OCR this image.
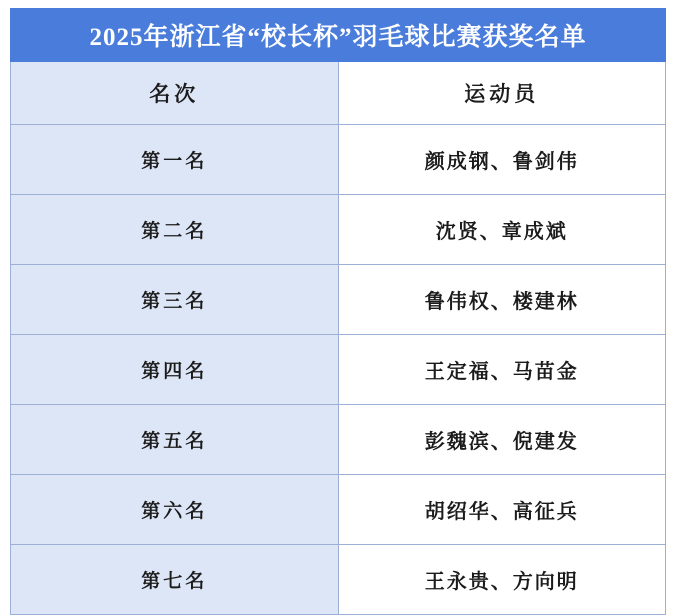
2025年浙江省“校长杯”羽毛球比赛获奖名单	
名次	运动员
第一名	颜成钢、鲁剑伟
第二名	沈贤、章成斌
第三名	鲁伟权、楼建林
第四名	王定福、马苗金
第五名	彭魏滨、倪建发
第六名	胡绍华、高征兵
第七名	王永贵、方向明
